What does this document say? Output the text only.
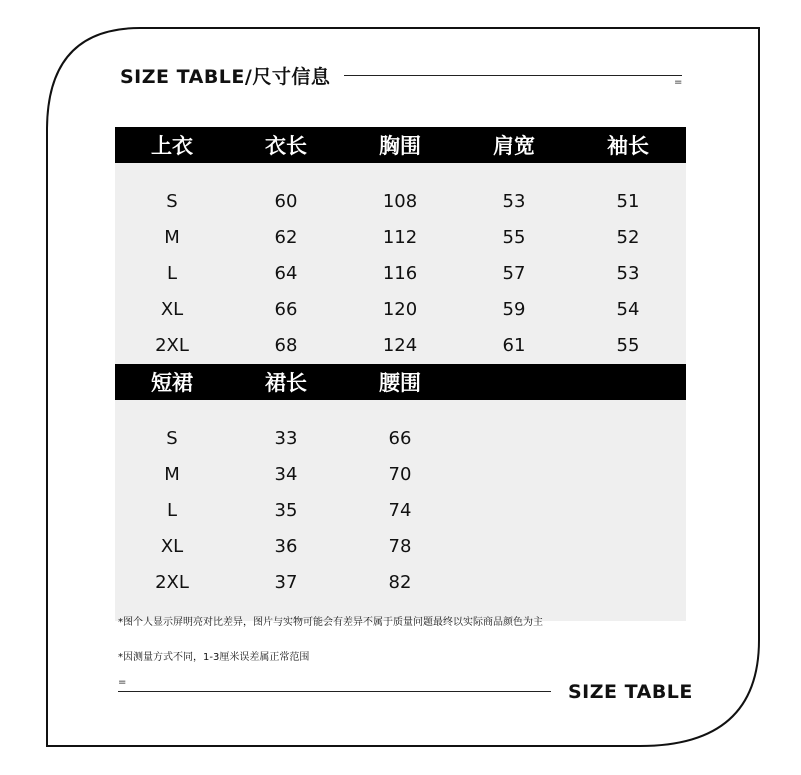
SIZE TABLE/尺寸信息	=
上衣	衣长	胸围	肩宽	袖长
S	60	108	53	51
M	62	112	55	52
L	64	116	57	53
XL	66	120	59	54
2XL	68	124	61	55
短裙	裙长	腰围
S	33	66
M	34	70
L	35	74
XL	36	78
2XL	37	82
*图个人显示屏明亮对比差异，图片与实物可能会有差异不属于质量问题最终以实际商品颜色为主
*因测量方式不同，1-3厘米误差属正常范围
=	SIZE TABLE
